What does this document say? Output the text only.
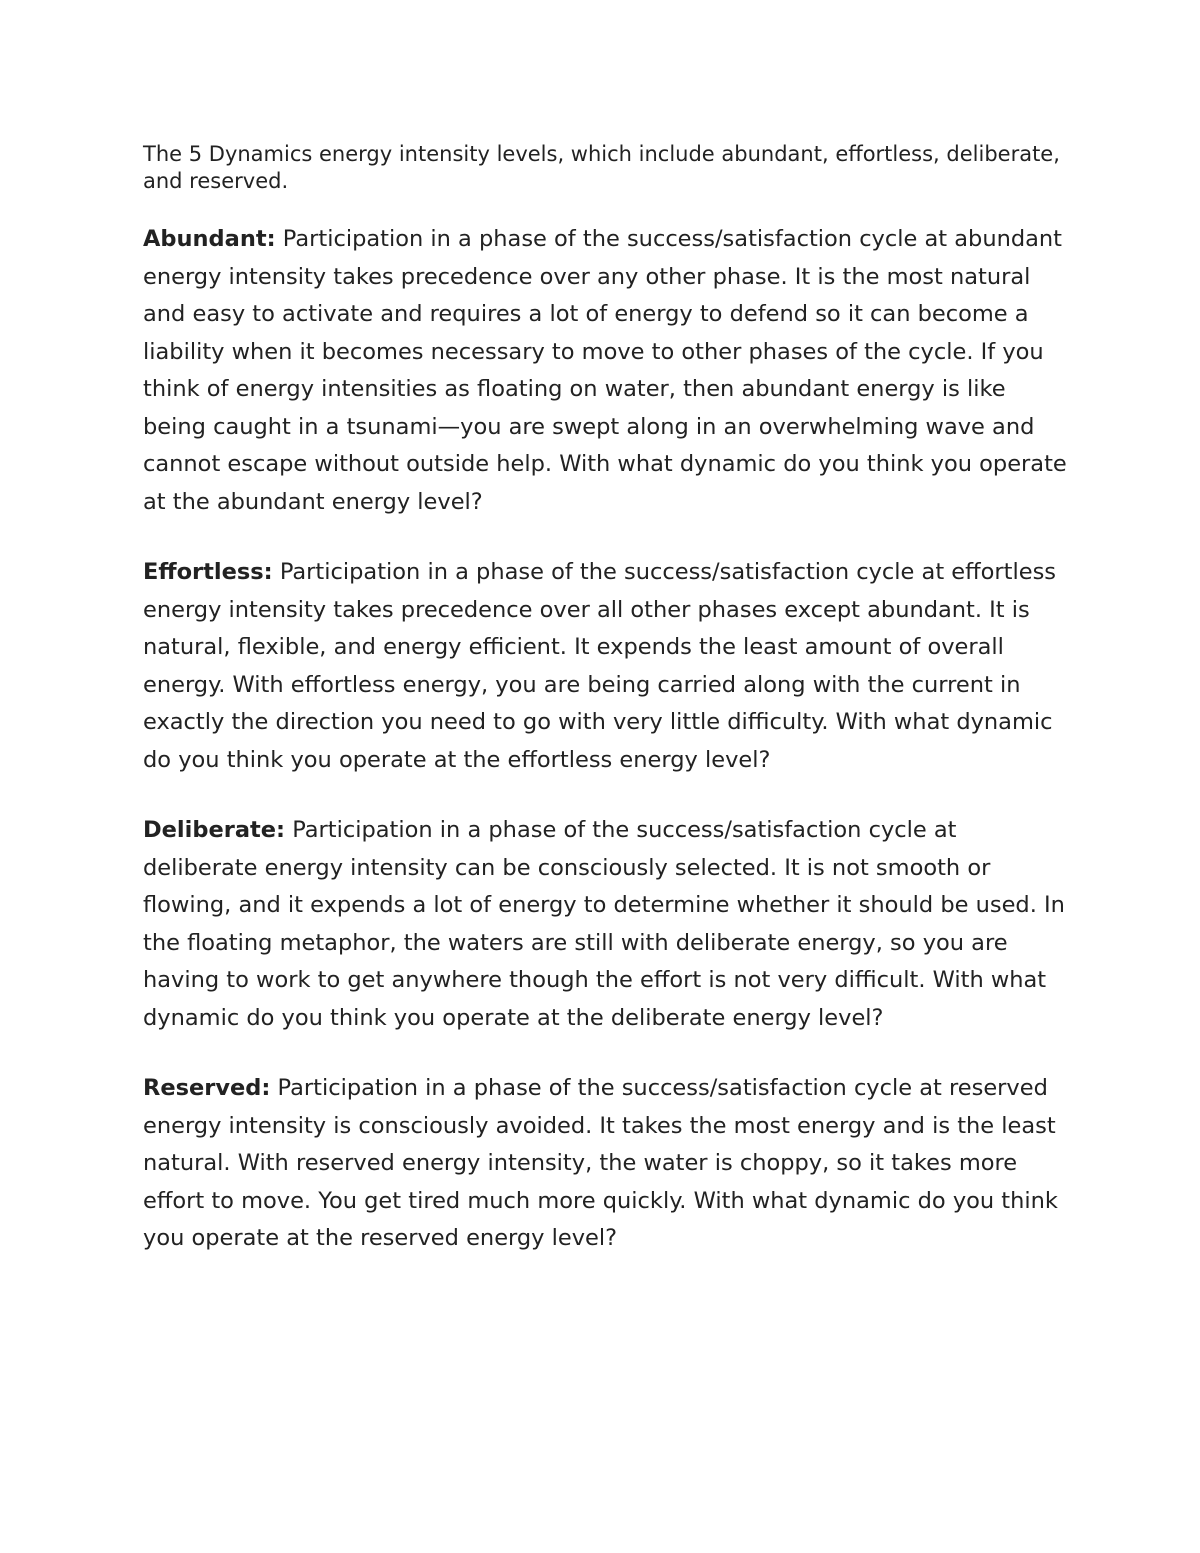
The 5 Dynamics energy intensity levels, which include abundant, effortless, deliberate, and reserved.

Abundant: Participation in a phase of the success/satisfaction cycle at abundant energy intensity takes precedence over any other phase. It is the most natural and easy to activate and requires a lot of energy to defend so it can become a liability when it becomes necessary to move to other phases of the cycle. If you think of energy intensities as floating on water, then abundant energy is like being caught in a tsunami—you are swept along in an overwhelming wave and cannot escape without outside help. With what dynamic do you think you operate at the abundant energy level?

Effortless: Participation in a phase of the success/satisfaction cycle at effortless energy intensity takes precedence over all other phases except abundant. It is natural, flexible, and energy efficient. It expends the least amount of overall energy. With effortless energy, you are being carried along with the current in exactly the direction you need to go with very little difficulty. With what dynamic do you think you operate at the effortless energy level?

Deliberate: Participation in a phase of the success/satisfaction cycle at deliberate energy intensity can be consciously selected. It is not smooth or flowing, and it expends a lot of energy to determine whether it should be used. In the floating metaphor, the waters are still with deliberate energy, so you are having to work to get anywhere though the effort is not very difficult. With what dynamic do you think you operate at the deliberate energy level?

Reserved: Participation in a phase of the success/satisfaction cycle at reserved energy intensity is consciously avoided. It takes the most energy and is the least natural. With reserved energy intensity, the water is choppy, so it takes more effort to move. You get tired much more quickly. With what dynamic do you think you operate at the reserved energy level?
